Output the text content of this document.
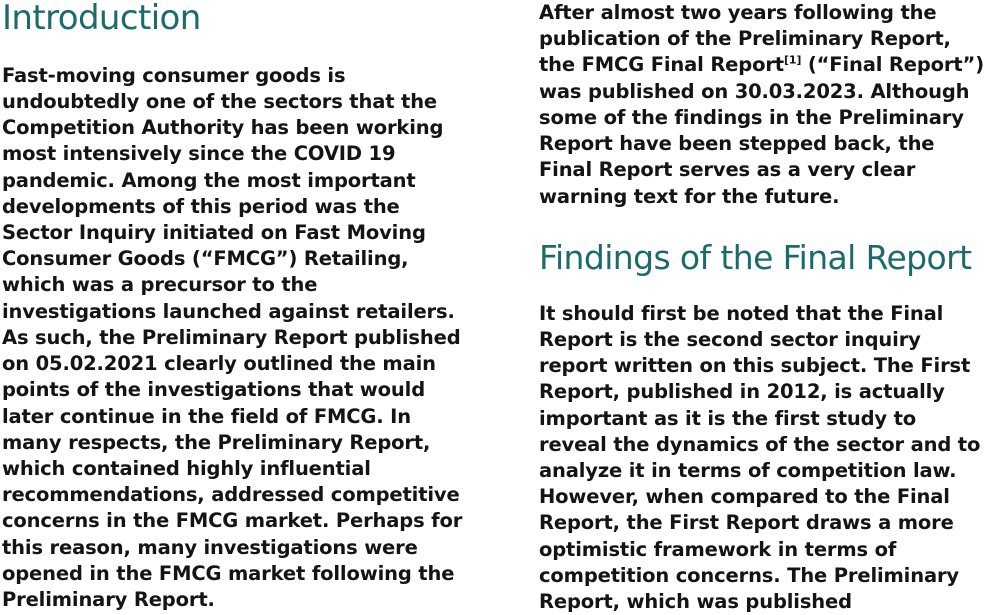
Introduction

Fast-moving consumer goods is undoubtedly one of the sectors that the Competition Authority has been working most intensively since the COVID 19 pandemic. Among the most important developments of this period was the Sector Inquiry initiated on Fast Moving Consumer Goods (“FMCG”) Retailing, which was a precursor to the investigations launched against retailers. As such, the Preliminary Report published on 05.02.2021 clearly outlined the main points of the investigations that would later continue in the field of FMCG. In many respects, the Preliminary Report, which contained highly influential recommendations, addressed competitive concerns in the FMCG market. Perhaps for this reason, many investigations were opened in the FMCG market following the Preliminary Report.

After almost two years following the publication of the Preliminary Report, the FMCG Final Report[1] (“Final Report”) was published on 30.03.2023. Although some of the findings in the Preliminary Report have been stepped back, the Final Report serves as a very clear warning text for the future.

Findings of the Final Report

It should first be noted that the Final Report is the second sector inquiry report written on this subject. The First Report, published in 2012, is actually important as it is the first study to reveal the dynamics of the sector and to analyze it in terms of competition law. However, when compared to the Final Report, the First Report draws a more optimistic framework in terms of competition concerns. The Preliminary Report, which was published
